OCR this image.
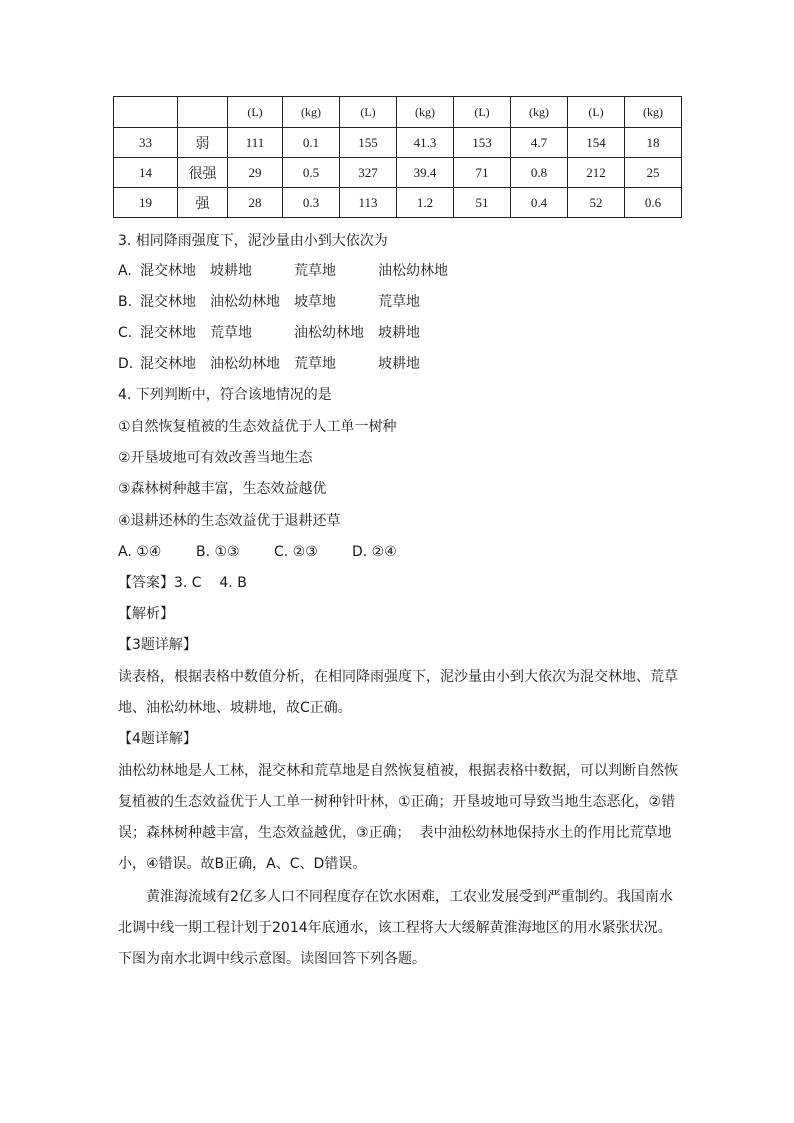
		(L)	(kg)	(L)	(kg)	(L)	(kg)	(L)	(kg)
33	弱	111	0.1	155	41.3	153	4.7	154	18
14	很强	29	0.5	327	39.4	71	0.8	212	25
19	强	28	0.3	113	1.2	51	0.4	52	0.6
3. 相同降雨强度下，泥沙量由小到大依次为
A. 混交林地 坡耕地	荒草地	油松幼林地
B. 混交林地 油松幼林地 坡草地	荒草地
C. 混交林地 荒草地	油松幼林地 坡耕地
D. 混交林地 油松幼林地 荒草地	坡耕地
4. 下列判断中，符合该地情况的是
①自然恢复植被的生态效益优于人工单一树种
②开垦坡地可有效改善当地生态
③森林树种越丰富，生态效益越优
④退耕还林的生态效益优于退耕还草
A. ①④ B. ①③ C. ②③ D. ②④
【答案】3. C    4. B
【解析】
【3题详解】
读表格，根据表格中数值分析，在相同降雨强度下，泥沙量由小到大依次为混交林地、荒草
地、油松幼林地、坡耕地，故C正确。
【4题详解】
油松幼林地是人工林，混交林和荒草地是自然恢复植被，根据表格中数据，可以判断自然恢
复植被的生态效益优于人工单一树种针叶林，①正确；开垦坡地可导致当地生态恶化，②错
误；森林树种越丰富，生态效益越优，③正确；  表中油松幼林地保持水土的作用比荒草地
小，④错误。故B正确，A、C、D错误。
黄淮海流域有2亿多人口不同程度存在饮水困难，工农业发展受到严重制约。我国南水
北调中线一期工程计划于2014年底通水，该工程将大大缓解黄淮海地区的用水紧张状况。
下图为南水北调中线示意图。读图回答下列各题。
